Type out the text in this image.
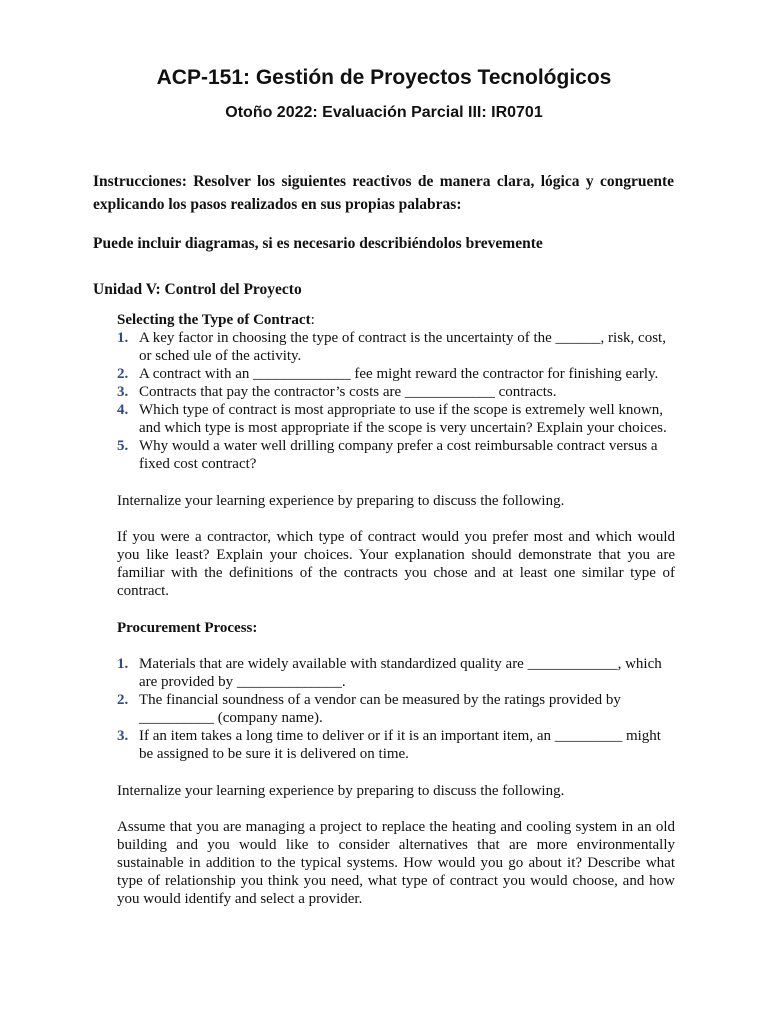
ACP-151: Gestión de Proyectos Tecnológicos
Otoño 2022: Evaluación Parcial III: IR0701
Instrucciones: Resolver los siguientes reactivos de manera clara, lógica y congruente explicando los pasos realizados en sus propias palabras:
Puede incluir diagramas, si es necesario describiéndolos brevemente
Unidad V: Control del Proyecto
Selecting the Type of Contract:
1. A key factor in choosing the type of contract is the uncertainty of the ______, risk, cost, or sched ule of the activity.
2. A contract with an _____________ fee might reward the contractor for finishing early.
3. Contracts that pay the contractor’s costs are ____________ contracts.
4. Which type of contract is most appropriate to use if the scope is extremely well known, and which type is most appropriate if the scope is very uncertain? Explain your choices.
5. Why would a water well drilling company prefer a cost reimbursable contract versus a fixed cost contract?
Internalize your learning experience by preparing to discuss the following.
If you were a contractor, which type of contract would you prefer most and which would you like least? Explain your choices. Your explanation should demonstrate that you are familiar with the definitions of the contracts you chose and at least one similar type of contract.
Procurement Process:
1. Materials that are widely available with standardized quality are ____________, which are provided by ______________.
2. The financial soundness of a vendor can be measured by the ratings provided by __________ (company name).
3. If an item takes a long time to deliver or if it is an important item, an _________ might be assigned to be sure it is delivered on time.
Internalize your learning experience by preparing to discuss the following.
Assume that you are managing a project to replace the heating and cooling system in an old building and you would like to consider alternatives that are more environmentally sustainable in addition to the typical systems. How would you go about it? Describe what type of relationship you think you need, what type of contract you would choose, and how you would identify and select a provider.
